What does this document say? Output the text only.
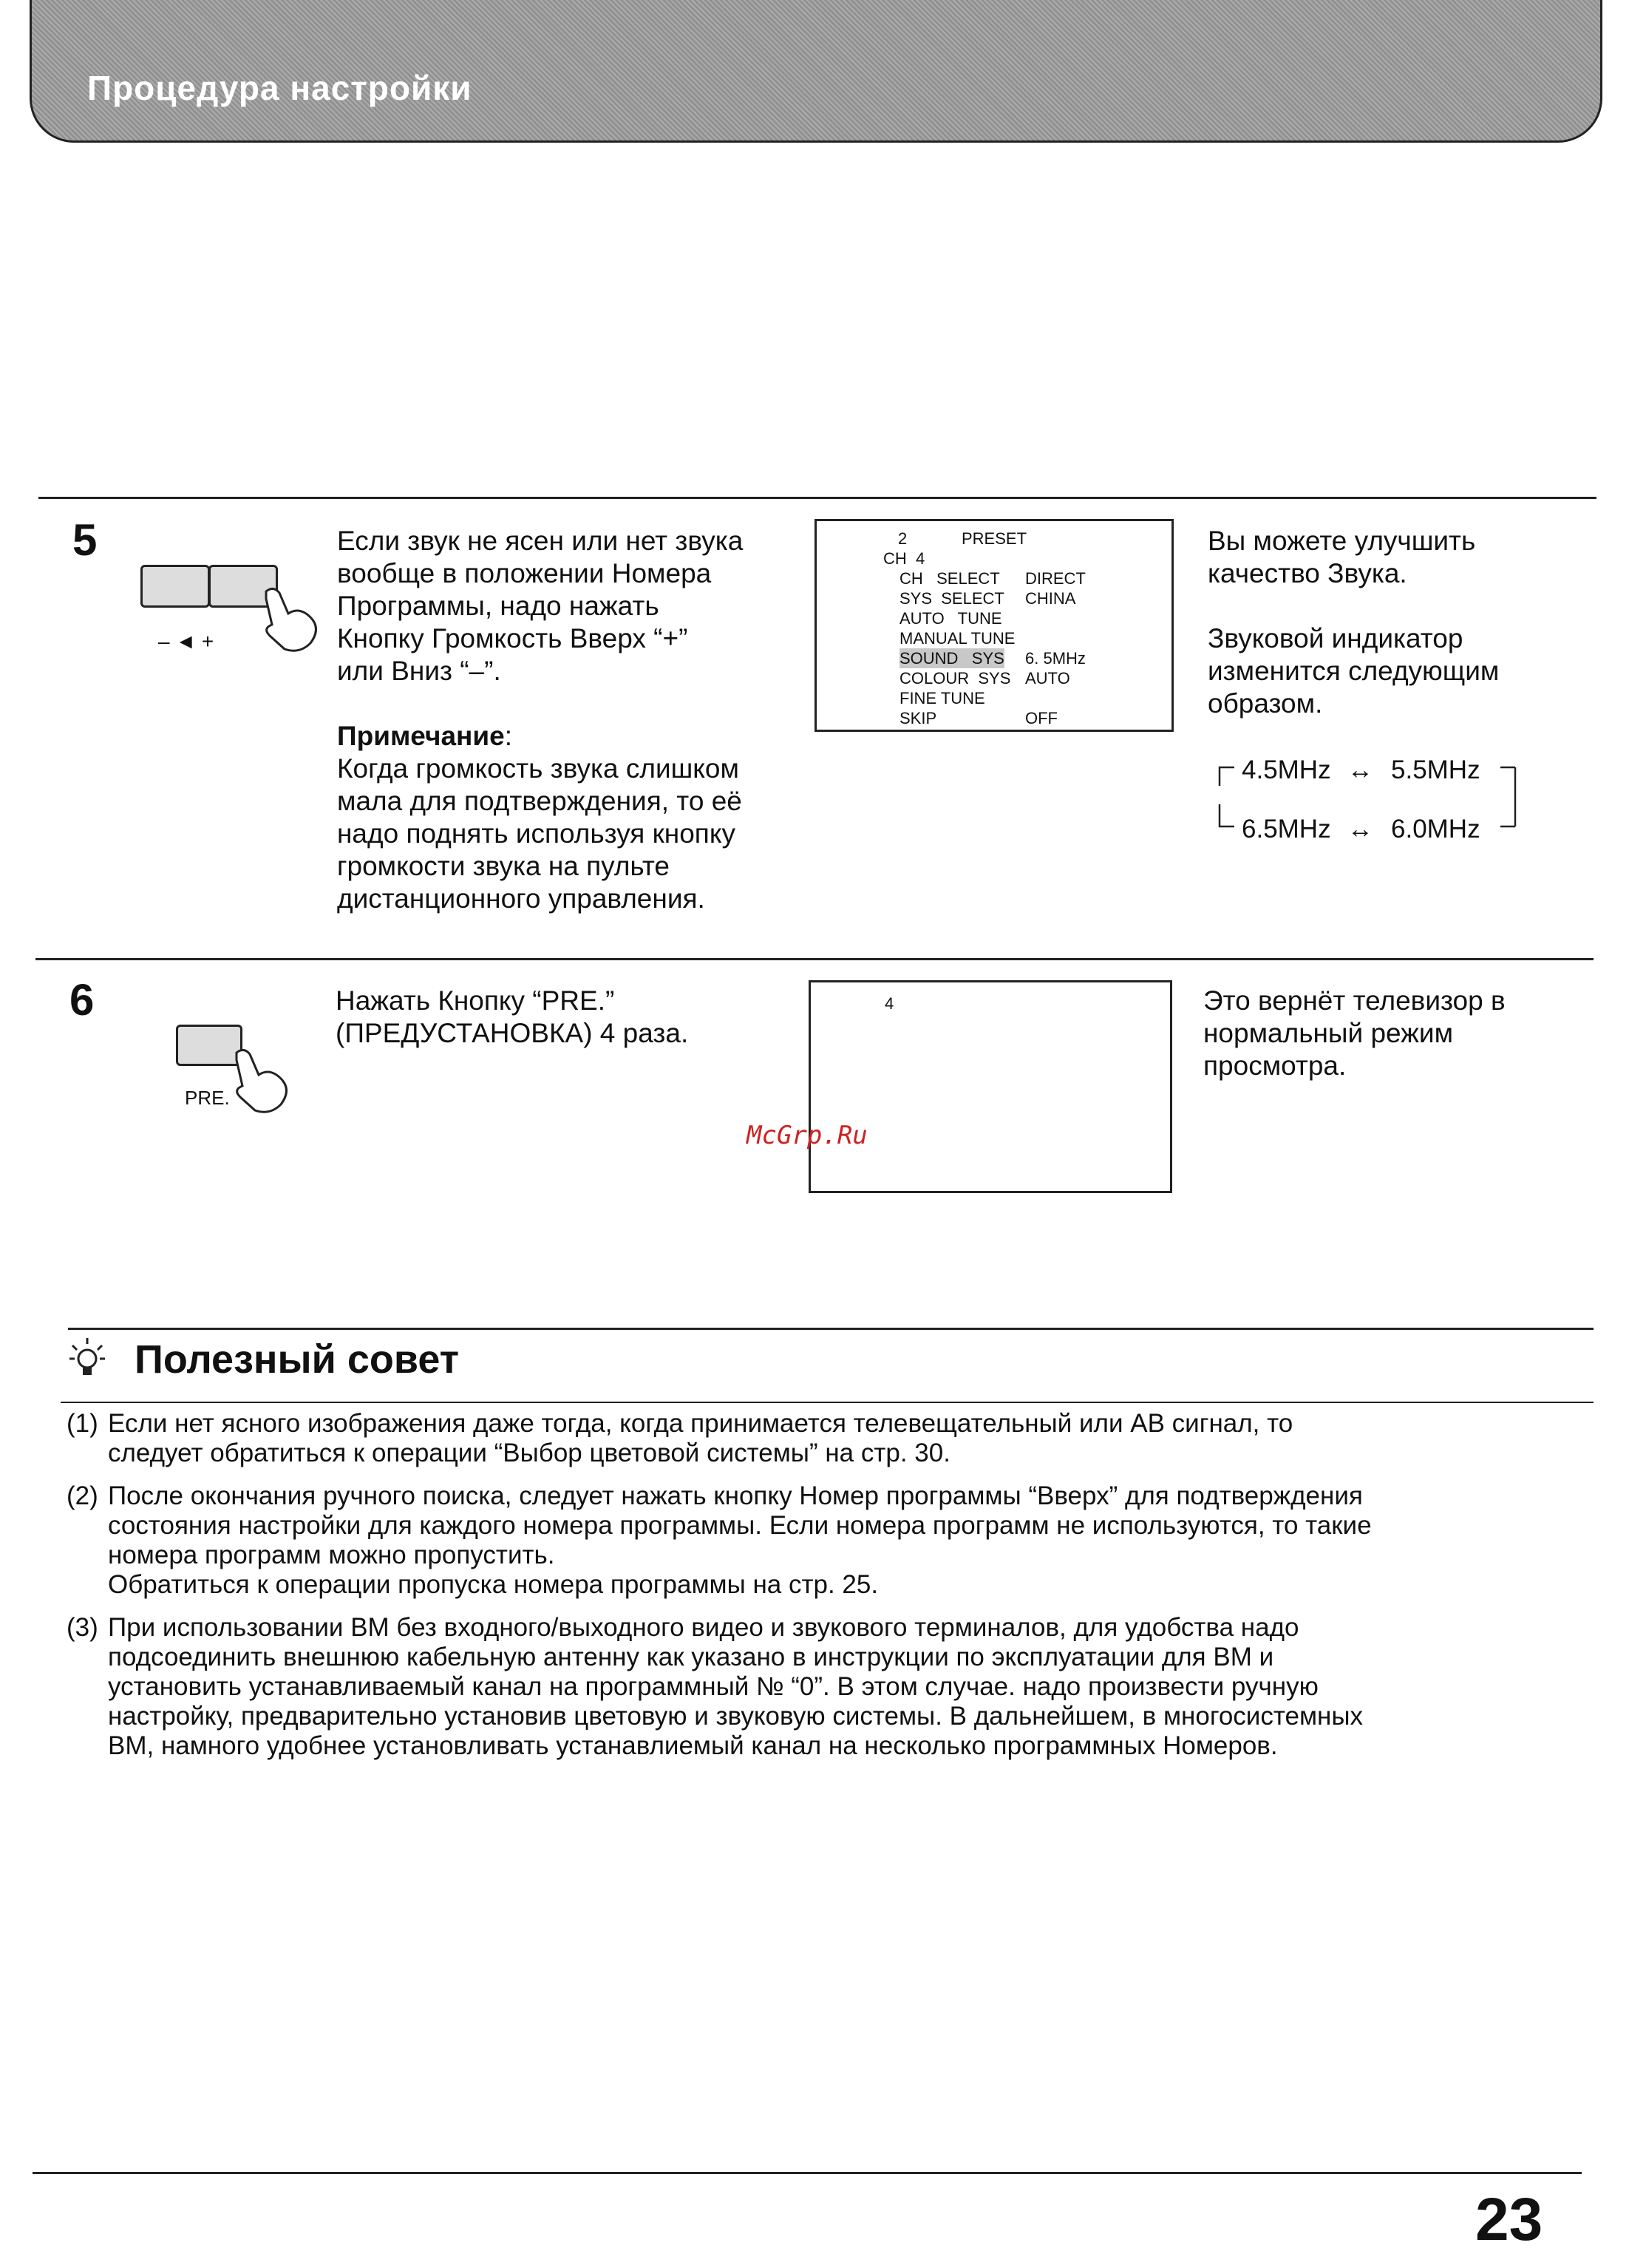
Процедура настройки
5
– ◄ +
Если звук не ясен или нет звука
вообще в положении Номера
Программы, надо нажать
Кнопку Громкость Вверх “+”
или Вниз “–”.
Примечание:
Когда громкость звука слишком
мала для подтверждения, то её
надо поднять используя кнопку
громкости звука на пульте
дистанционного управления.
2	PRESET
CH  4
CH   SELECT DIRECT
SYS  SELECT CHINA
AUTO   TUNE
MANUAL TUNE
SOUND   SYS 6. 5MHz
COLOUR  SYS AUTO
FINE TUNE
SKIP	OFF
Вы можете улучшить
качество Звука.
Звуковой индикатор
изменится следующим
образом.
4.5MHz ↔ 5.5MHz
6.5MHz ↔ 6.0MHz
6
PRE.
Нажать Кнопку “PRE.”
(ПРЕДУСТАНОВКА) 4 раза.
4	Это вернёт телевизор в
нормальный режим
просмотра.
McGrp.Ru
Полезный совет
(1) Если нет ясного изображения даже тогда, когда принимается телевещательный или АВ сигнал, то
следует обратиться к операции “Выбор цветовой системы” на стр. 30.
(2) После окончания ручного поиска, следует нажать кнопку Номер программы “Вверх” для подтверждения
состояния настройки для каждого номера программы. Если номера программ не используются, то такие
номера программ можно пропустить.
Обратиться к операции пропуска номера программы на стр. 25.
(3) При использовании ВМ без входного/выходного видео и звукового терминалов, для удобства надо
подсоединить внешнюю кабельную антенну как указано в инструкции по эксплуатации для ВМ и
установить устанавливаемый канал на программный № “0”. В этом случае. надо произвести ручную
настройку, предварительно установив цветовую и звуковую системы. В дальнейшем, в многосистемных
ВМ, намного удобнее установливать устанавлиемый канал на несколько программных Номеров.
23
